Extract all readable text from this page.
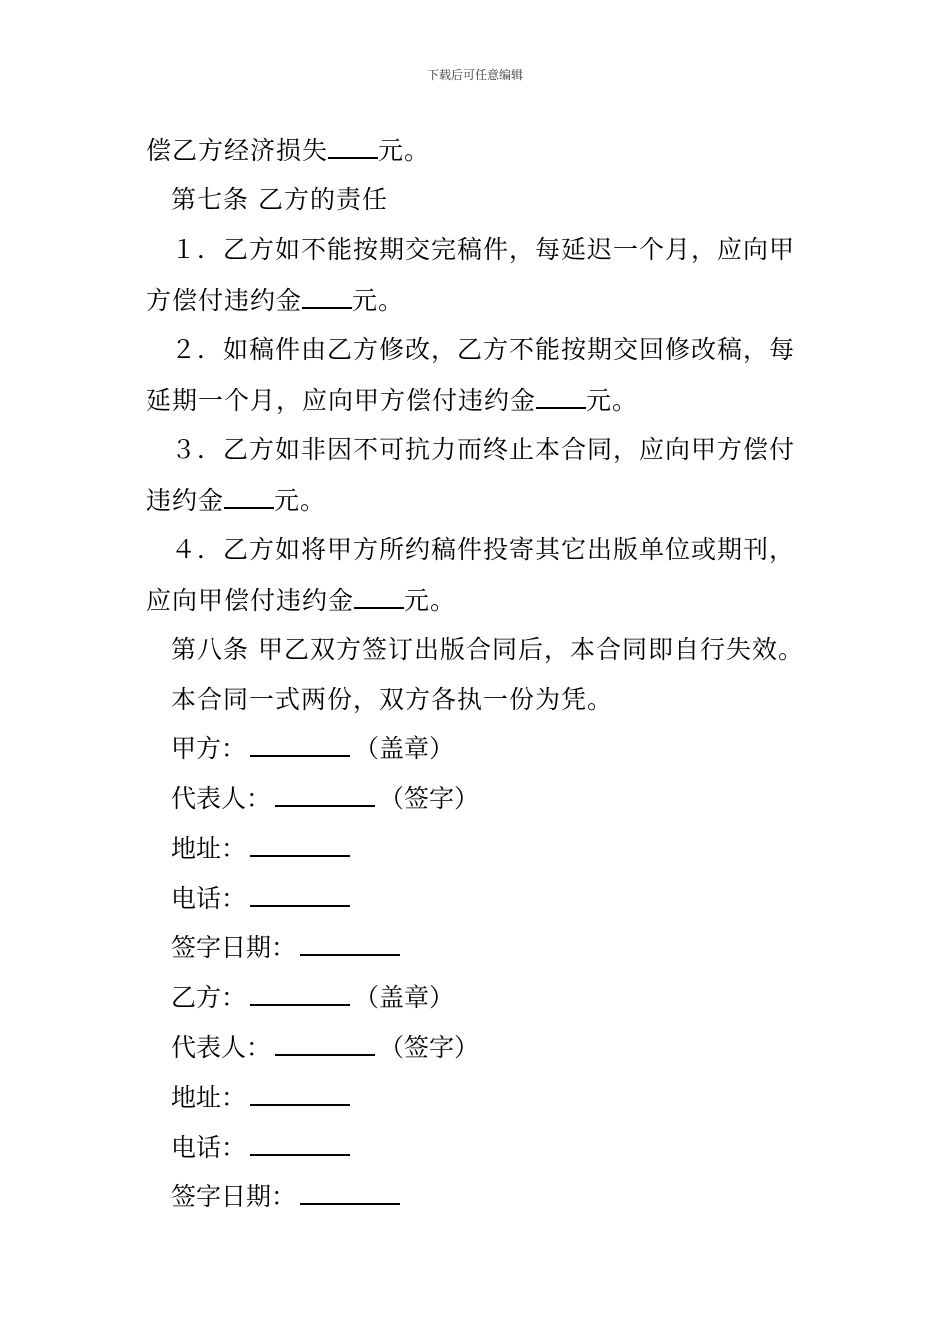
下载后可任意编辑
偿乙方经济损失 元。
第七条 乙方的责任
１．乙方如不能按期交完稿件，每延迟一个月，应向甲
方偿付违约金 元。
２．如稿件由乙方修改，乙方不能按期交回修改稿，每
延期一个月，应向甲方偿付违约金 元。
３．乙方如非因不可抗力而终止本合同，应向甲方偿付
违约金 元。
４．乙方如将甲方所约稿件投寄其它出版单位或期刊，
应向甲偿付违约金 元。
第八条 甲乙双方签订出版合同后，本合同即自行失效。
本合同一式两份，双方各执一份为凭。
甲方：	（盖章）
代表人：	（签字）
地址：
电话：
签字日期：
乙方：	（盖章）
代表人：	（签字）
地址：
电话：
签字日期：
